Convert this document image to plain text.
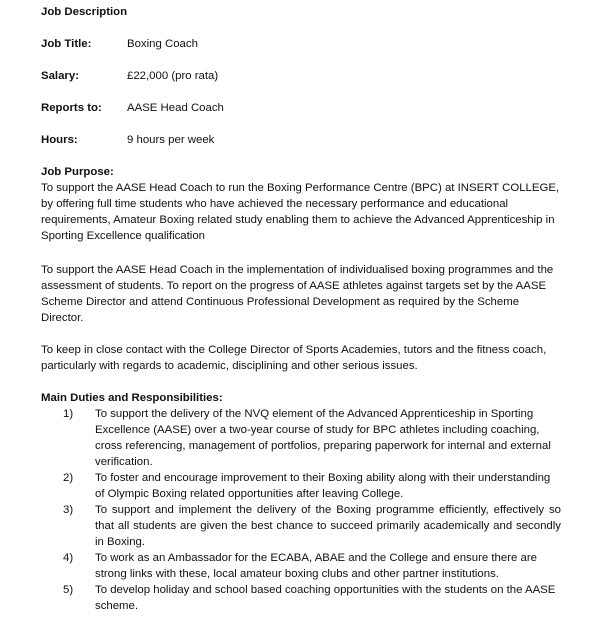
Job Description
Job Title:	Boxing Coach
Salary:	£22,000 (pro rata)
Reports to: AASE Head Coach
Hours:	9 hours per week

Job Purpose:

To support the AASE Head Coach to run the Boxing Performance Centre (BPC) at INSERT COLLEGE, by offering full time students who have achieved the necessary performance and educational requirements, Amateur Boxing related study enabling them to achieve the Advanced Apprenticeship in Sporting Excellence qualification

To support the AASE Head Coach in the implementation of individualised boxing programmes and the assessment of students. To report on the progress of AASE athletes against targets set by the AASE Scheme Director and attend Continuous Professional Development as required by the Scheme Director.

To keep in close contact with the College Director of Sports Academies, tutors and the fitness coach, particularly with regards to academic, disciplining and other serious issues.

Main Duties and Responsibilities:
1) To support the delivery of the NVQ element of the Advanced Apprenticeship in Sporting Excellence (AASE) over a two-year course of study for BPC athletes including coaching, cross referencing, management of portfolios, preparing paperwork for internal and external verification.
2) To foster and encourage improvement to their Boxing ability along with their understanding of Olympic Boxing related opportunities after leaving College.
3) To support and implement the delivery of the Boxing programme efficiently, effectively so that all students are given the best chance to succeed primarily academically and secondly in Boxing.
4) To work as an Ambassador for the ECABA, ABAE and the College and ensure there are strong links with these, local amateur boxing clubs and other partner institutions.
5) To develop holiday and school based coaching opportunities with the students on the AASE scheme.
